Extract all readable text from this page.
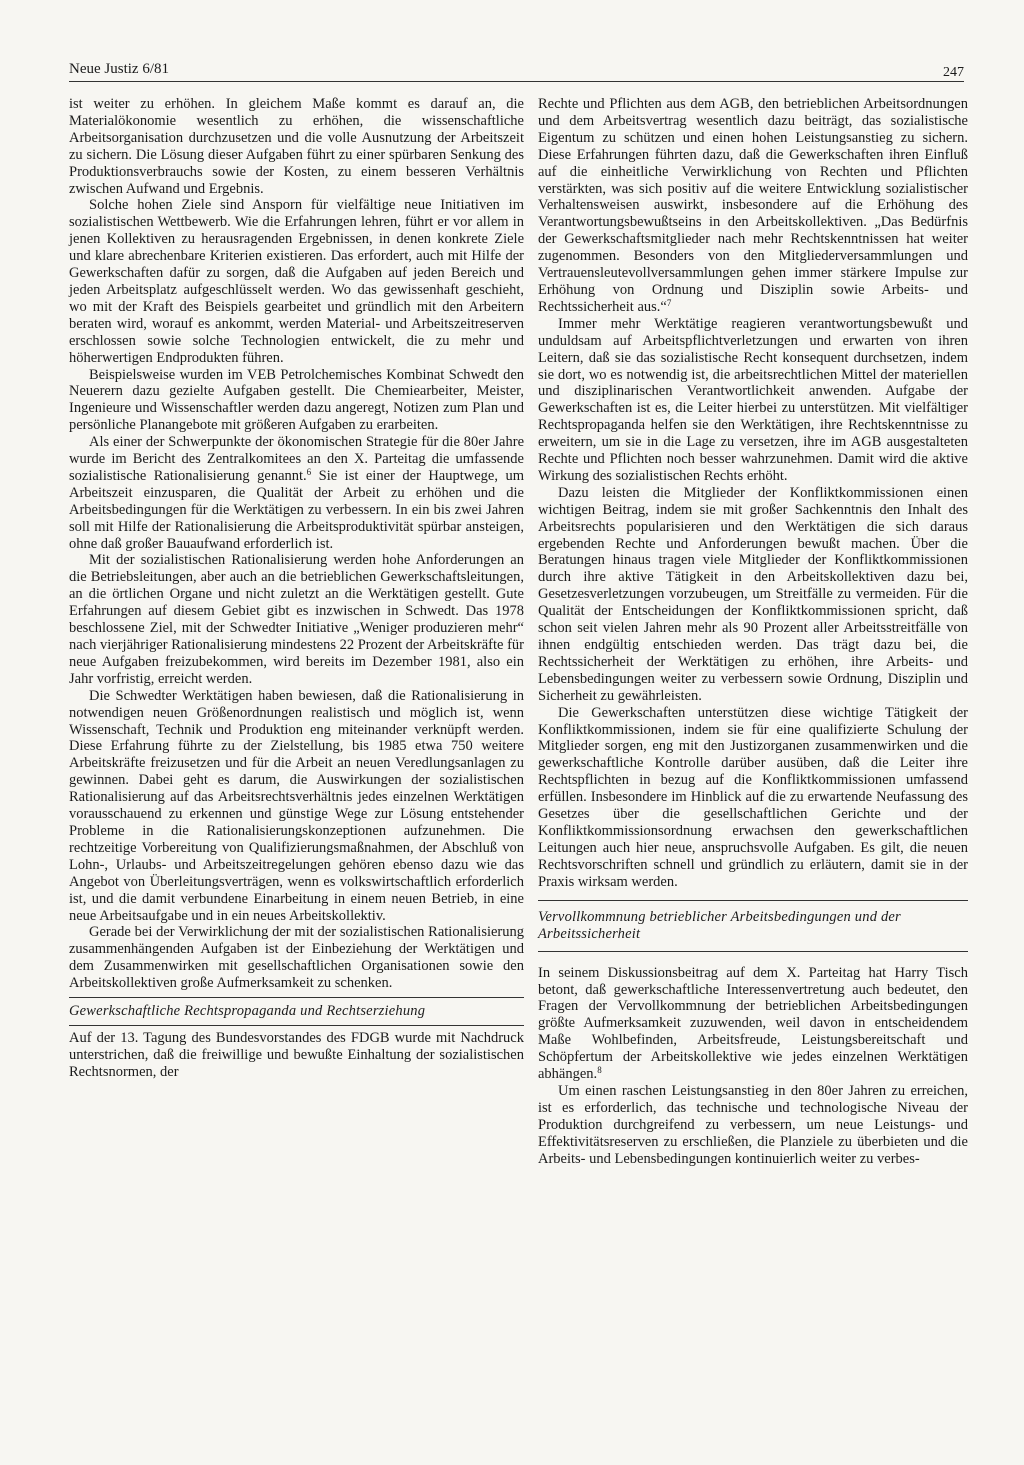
Neue Justiz 6/81	247

ist weiter zu erhöhen. In gleichem Maße kommt es darauf an, die Materialökonomie wesentlich zu erhöhen, die wissenschaftliche Arbeitsorganisation durchzusetzen und die volle Ausnutzung der Arbeitszeit zu sichern. Die Lösung dieser Aufgaben führt zu einer spürbaren Senkung des Produktionsverbrauchs sowie der Kosten, zu einem besseren Verhältnis zwischen Aufwand und Ergebnis.

Solche hohen Ziele sind Ansporn für vielfältige neue Initiativen im sozialistischen Wettbewerb. Wie die Erfahrungen lehren, führt er vor allem in jenen Kollektiven zu herausragenden Ergebnissen, in denen konkrete Ziele und klare abrechenbare Kriterien existieren. Das erfordert, auch mit Hilfe der Gewerkschaften dafür zu sorgen, daß die Aufgaben auf jeden Bereich und jeden Arbeitsplatz aufgeschlüsselt werden. Wo das gewissenhaft geschieht, wo mit der Kraft des Beispiels gearbeitet und gründlich mit den Arbeitern beraten wird, worauf es ankommt, werden Material- und Arbeitszeitreserven erschlossen sowie solche Technologien entwickelt, die zu mehr und höherwertigen Endprodukten führen.

Beispielsweise wurden im VEB Petrolchemisches Kombinat Schwedt den Neuerern dazu gezielte Aufgaben gestellt. Die Chemiearbeiter, Meister, Ingenieure und Wissenschaftler werden dazu angeregt, Notizen zum Plan und persönliche Planangebote mit größeren Aufgaben zu erarbeiten.

Als einer der Schwerpunkte der ökonomischen Strategie für die 80er Jahre wurde im Bericht des Zentralkomitees an den X. Parteitag die umfassende sozialistische Rationalisierung genannt.$^6$ Sie ist einer der Hauptwege, um Arbeitszeit einzusparen, die Qualität der Arbeit zu erhöhen und die Arbeitsbedingungen für die Werktätigen zu verbessern. In ein bis zwei Jahren soll mit Hilfe der Rationalisierung die Arbeitsproduktivität spürbar ansteigen, ohne daß großer Bauaufwand erforderlich ist.

Mit der sozialistischen Rationalisierung werden hohe Anforderungen an die Betriebsleitungen, aber auch an die betrieblichen Gewerkschaftsleitungen, an die örtlichen Organe und nicht zuletzt an die Werktätigen gestellt. Gute Erfahrungen auf diesem Gebiet gibt es inzwischen in Schwedt. Das 1978 beschlossene Ziel, mit der Schwedter Initiative „Weniger produzieren mehr“ nach vierjähriger Rationalisierung mindestens 22 Prozent der Arbeitskräfte für neue Aufgaben freizubekommen, wird bereits im Dezember 1981, also ein Jahr vorfristig, erreicht werden.

Die Schwedter Werktätigen haben bewiesen, daß die Rationalisierung in notwendigen neuen Größenordnungen realistisch und möglich ist, wenn Wissenschaft, Technik und Produktion eng miteinander verknüpft werden. Diese Erfahrung führte zu der Zielstellung, bis 1985 etwa 750 weitere Arbeitskräfte freizusetzen und für die Arbeit an neuen Veredlungsanlagen zu gewinnen. Dabei geht es darum, die Auswirkungen der sozialistischen Rationalisierung auf das Arbeitsrechtsverhältnis jedes einzelnen Werktätigen vorausschauend zu erkennen und günstige Wege zur Lösung entstehender Probleme in die Rationalisierungskonzeptionen aufzunehmen. Die rechtzeitige Vorbereitung von Qualifizierungsmaßnahmen, der Abschluß von Lohn-, Urlaubs- und Arbeitszeitregelungen gehören ebenso dazu wie das Angebot von Überleitungsverträgen, wenn es volkswirtschaftlich erforderlich ist, und die damit verbundene Einarbeitung in einem neuen Betrieb, in eine neue Arbeitsaufgabe und in ein neues Arbeitskollektiv.

Gerade bei der Verwirklichung der mit der sozialistischen Rationalisierung zusammenhängenden Aufgaben ist der Einbeziehung der Werktätigen und dem Zusammenwirken mit gesellschaftlichen Organisationen sowie den Arbeitskollektiven große Aufmerksamkeit zu schenken.

Gewerkschaftliche Rechtspropaganda und Rechtserziehung

Auf der 13. Tagung des Bundesvorstandes des FDGB wurde mit Nachdruck unterstrichen, daß die freiwillige und bewußte Einhaltung der sozialistischen Rechtsnormen, der

Rechte und Pflichten aus dem AGB, den betrieblichen Arbeitsordnungen und dem Arbeitsvertrag wesentlich dazu beiträgt, das sozialistische Eigentum zu schützen und einen hohen Leistungsanstieg zu sichern. Diese Erfahrungen führten dazu, daß die Gewerkschaften ihren Einfluß auf die einheitliche Verwirklichung von Rechten und Pflichten verstärkten, was sich positiv auf die weitere Entwicklung sozialistischer Verhaltensweisen auswirkt, insbesondere auf die Erhöhung des Verantwortungsbewußtseins in den Arbeitskollektiven. „Das Bedürfnis der Gewerkschaftsmitglieder nach mehr Rechtskenntnissen hat weiter zugenommen. Besonders von den Mitgliederversammlungen und Vertrauensleutevollversammlungen gehen immer stärkere Impulse zur Erhöhung von Ordnung und Disziplin sowie Arbeits- und Rechtssicherheit aus.“$^7$

Immer mehr Werktätige reagieren verantwortungsbewußt und unduldsam auf Arbeitspflichtverletzungen und erwarten von ihren Leitern, daß sie das sozialistische Recht konsequent durchsetzen, indem sie dort, wo es notwendig ist, die arbeitsrechtlichen Mittel der materiellen und disziplinarischen Verantwortlichkeit anwenden. Aufgabe der Gewerkschaften ist es, die Leiter hierbei zu unterstützen. Mit vielfältiger Rechtspropaganda helfen sie den Werktätigen, ihre Rechtskenntnisse zu erweitern, um sie in die Lage zu versetzen, ihre im AGB ausgestalteten Rechte und Pflichten noch besser wahrzunehmen. Damit wird die aktive Wirkung des sozialistischen Rechts erhöht.

Dazu leisten die Mitglieder der Konfliktkommissionen einen wichtigen Beitrag, indem sie mit großer Sachkenntnis den Inhalt des Arbeitsrechts popularisieren und den Werktätigen die sich daraus ergebenden Rechte und Anforderungen bewußt machen. Über die Beratungen hinaus tragen viele Mitglieder der Konfliktkommissionen durch ihre aktive Tätigkeit in den Arbeitskollektiven dazu bei, Gesetzesverletzungen vorzubeugen, um Streitfälle zu vermeiden. Für die Qualität der Entscheidungen der Konfliktkommissionen spricht, daß schon seit vielen Jahren mehr als 90 Prozent aller Arbeitsstreitfälle von ihnen endgültig entschieden werden. Das trägt dazu bei, die Rechtssicherheit der Werktätigen zu erhöhen, ihre Arbeits- und Lebensbedingungen weiter zu verbessern sowie Ordnung, Disziplin und Sicherheit zu gewährleisten.

Die Gewerkschaften unterstützen diese wichtige Tätigkeit der Konfliktkommissionen, indem sie für eine qualifizierte Schulung der Mitglieder sorgen, eng mit den Justizorganen zusammenwirken und die gewerkschaftliche Kontrolle darüber ausüben, daß die Leiter ihre Rechtspflichten in bezug auf die Konfliktkommissionen umfassend erfüllen. Insbesondere im Hinblick auf die zu erwartende Neufassung des Gesetzes über die gesellschaftlichen Gerichte und der Konfliktkommissionsordnung erwachsen den gewerkschaftlichen Leitungen auch hier neue, anspruchsvolle Aufgaben. Es gilt, die neuen Rechtsvorschriften schnell und gründlich zu erläutern, damit sie in der Praxis wirksam werden.

Vervollkommnung betrieblicher Arbeitsbedingungen und der Arbeitssicherheit

In seinem Diskussionsbeitrag auf dem X. Parteitag hat Harry Tisch betont, daß gewerkschaftliche Interessenvertretung auch bedeutet, den Fragen der Vervollkommnung der betrieblichen Arbeitsbedingungen größte Aufmerksamkeit zuzuwenden, weil davon in entscheidendem Maße Wohlbefinden, Arbeitsfreude, Leistungsbereitschaft und Schöpfertum der Arbeitskollektive wie jedes einzelnen Werktätigen abhängen.$^8$

Um einen raschen Leistungsanstieg in den 80er Jahren zu erreichen, ist es erforderlich, das technische und technologische Niveau der Produktion durchgreifend zu verbessern, um neue Leistungs- und Effektivitätsreserven zu erschließen, die Planziele zu überbieten und die Arbeits- und Lebensbedingungen kontinuierlich weiter zu verbes-
